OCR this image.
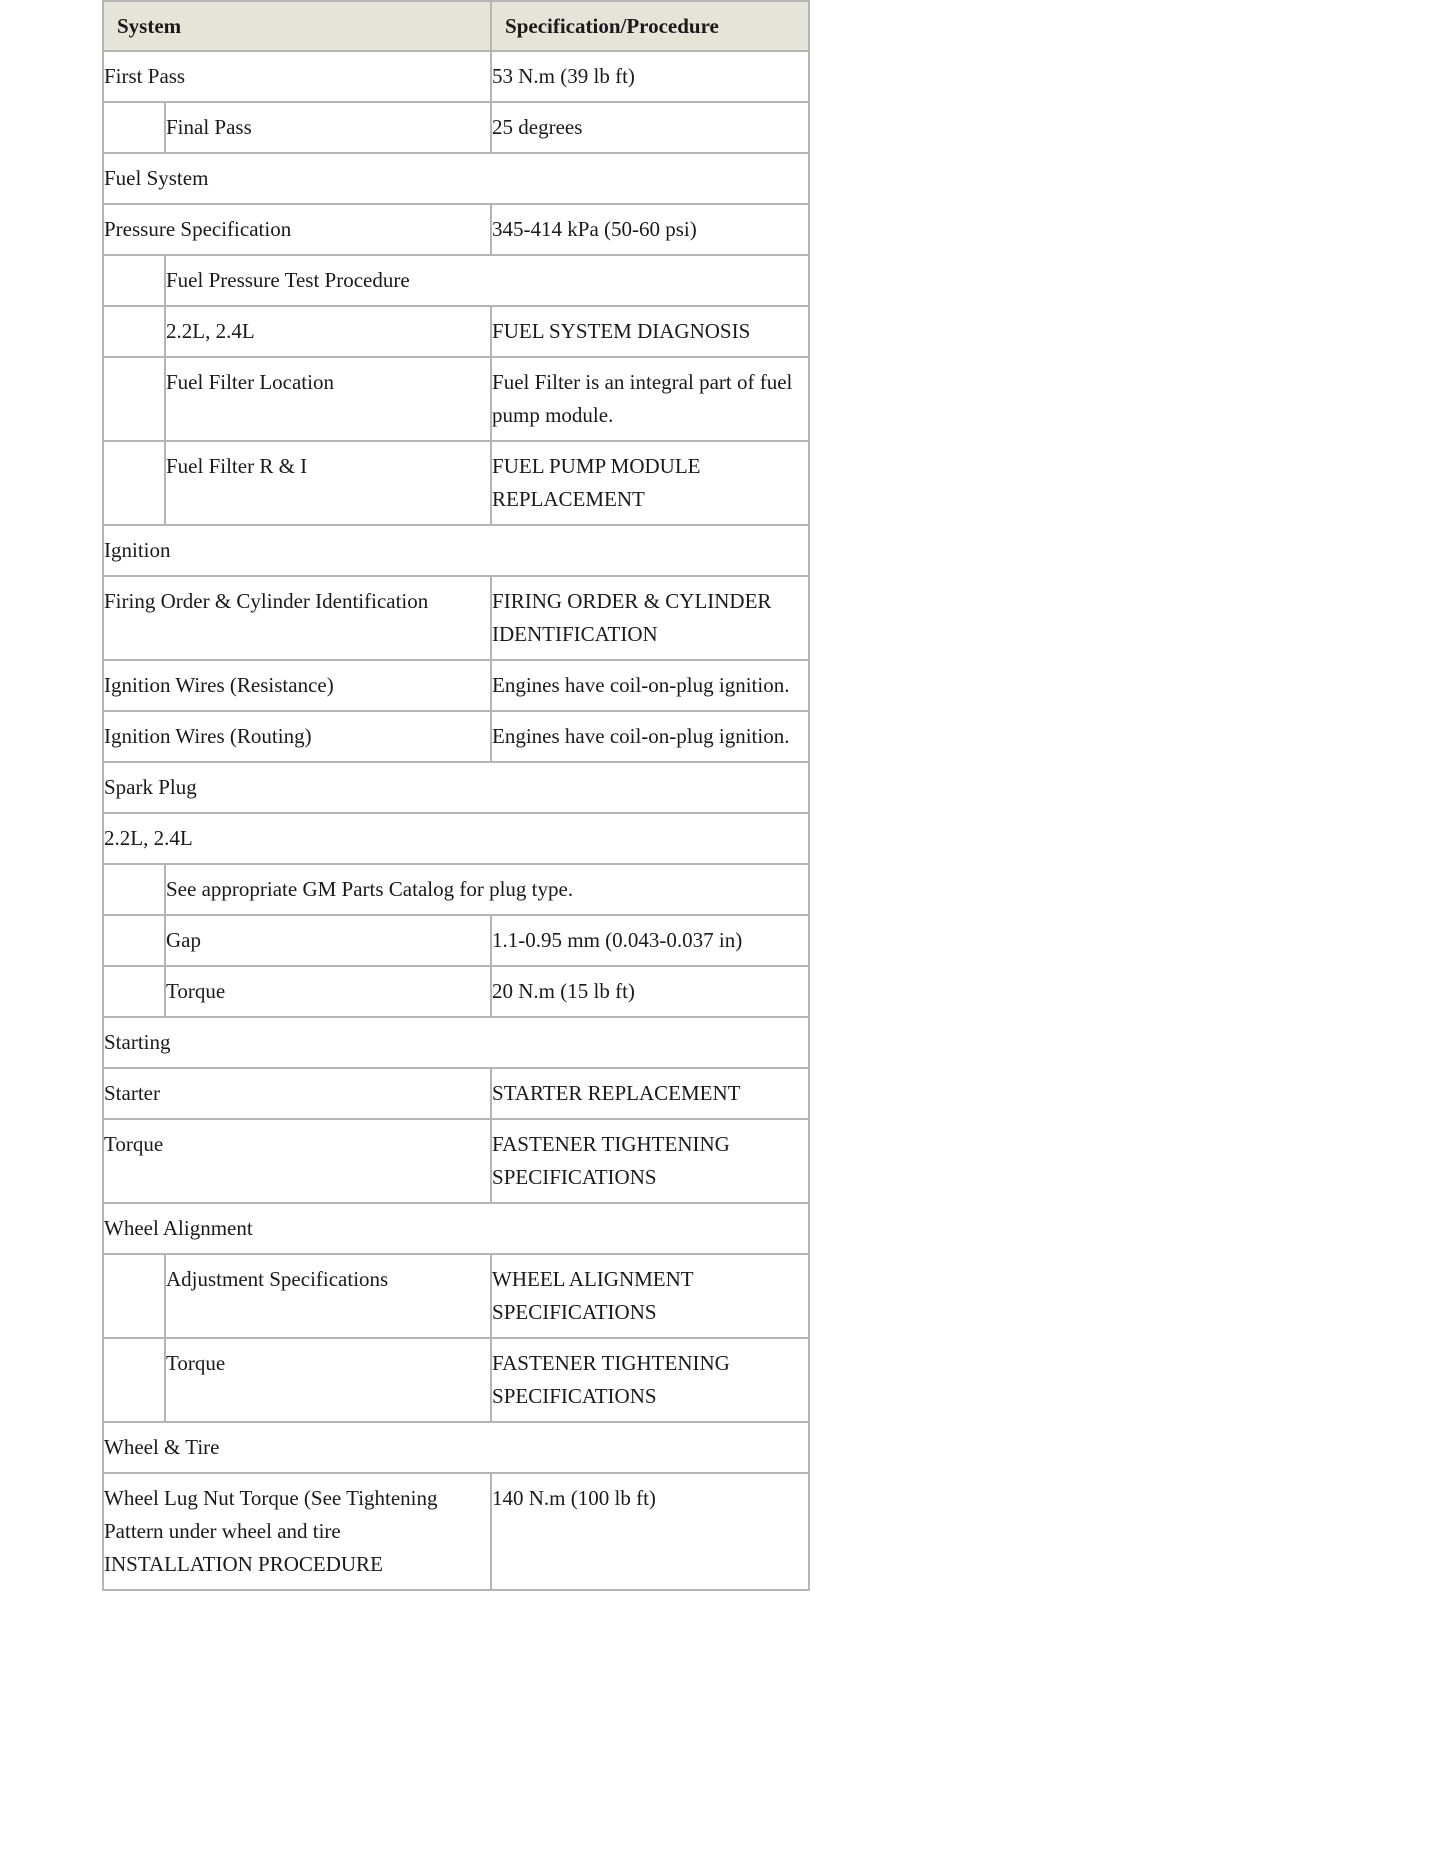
System		Specification/Procedure
First Pass		53 N.m (39 lb ft)
	Final Pass	25 degrees
Fuel System		
Pressure Specification		345-414 kPa (50-60 psi)
	Fuel Pressure Test Procedure	
	2.2L, 2.4L	FUEL SYSTEM DIAGNOSIS
	Fuel Filter Location	Fuel Filter is an integral part of fuel pump module.
	Fuel Filter R & I	FUEL PUMP MODULE REPLACEMENT
Ignition		
Firing Order & Cylinder Identification		FIRING ORDER & CYLINDER IDENTIFICATION
Ignition Wires (Resistance)		Engines have coil-on-plug ignition.
Ignition Wires (Routing)		Engines have coil-on-plug ignition.
Spark Plug		
2.2L, 2.4L		
	See appropriate GM Parts Catalog for plug type.	
	Gap	1.1-0.95 mm (0.043-0.037 in)
	Torque	20 N.m (15 lb ft)
Starting		
Starter		STARTER REPLACEMENT
Torque		FASTENER TIGHTENING SPECIFICATIONS
Wheel Alignment		
	Adjustment Specifications	WHEEL ALIGNMENT SPECIFICATIONS
	Torque	FASTENER TIGHTENING SPECIFICATIONS
Wheel & Tire		
Wheel Lug Nut Torque (See Tightening Pattern under wheel and tire INSTALLATION PROCEDURE		140 N.m (100 lb ft)
